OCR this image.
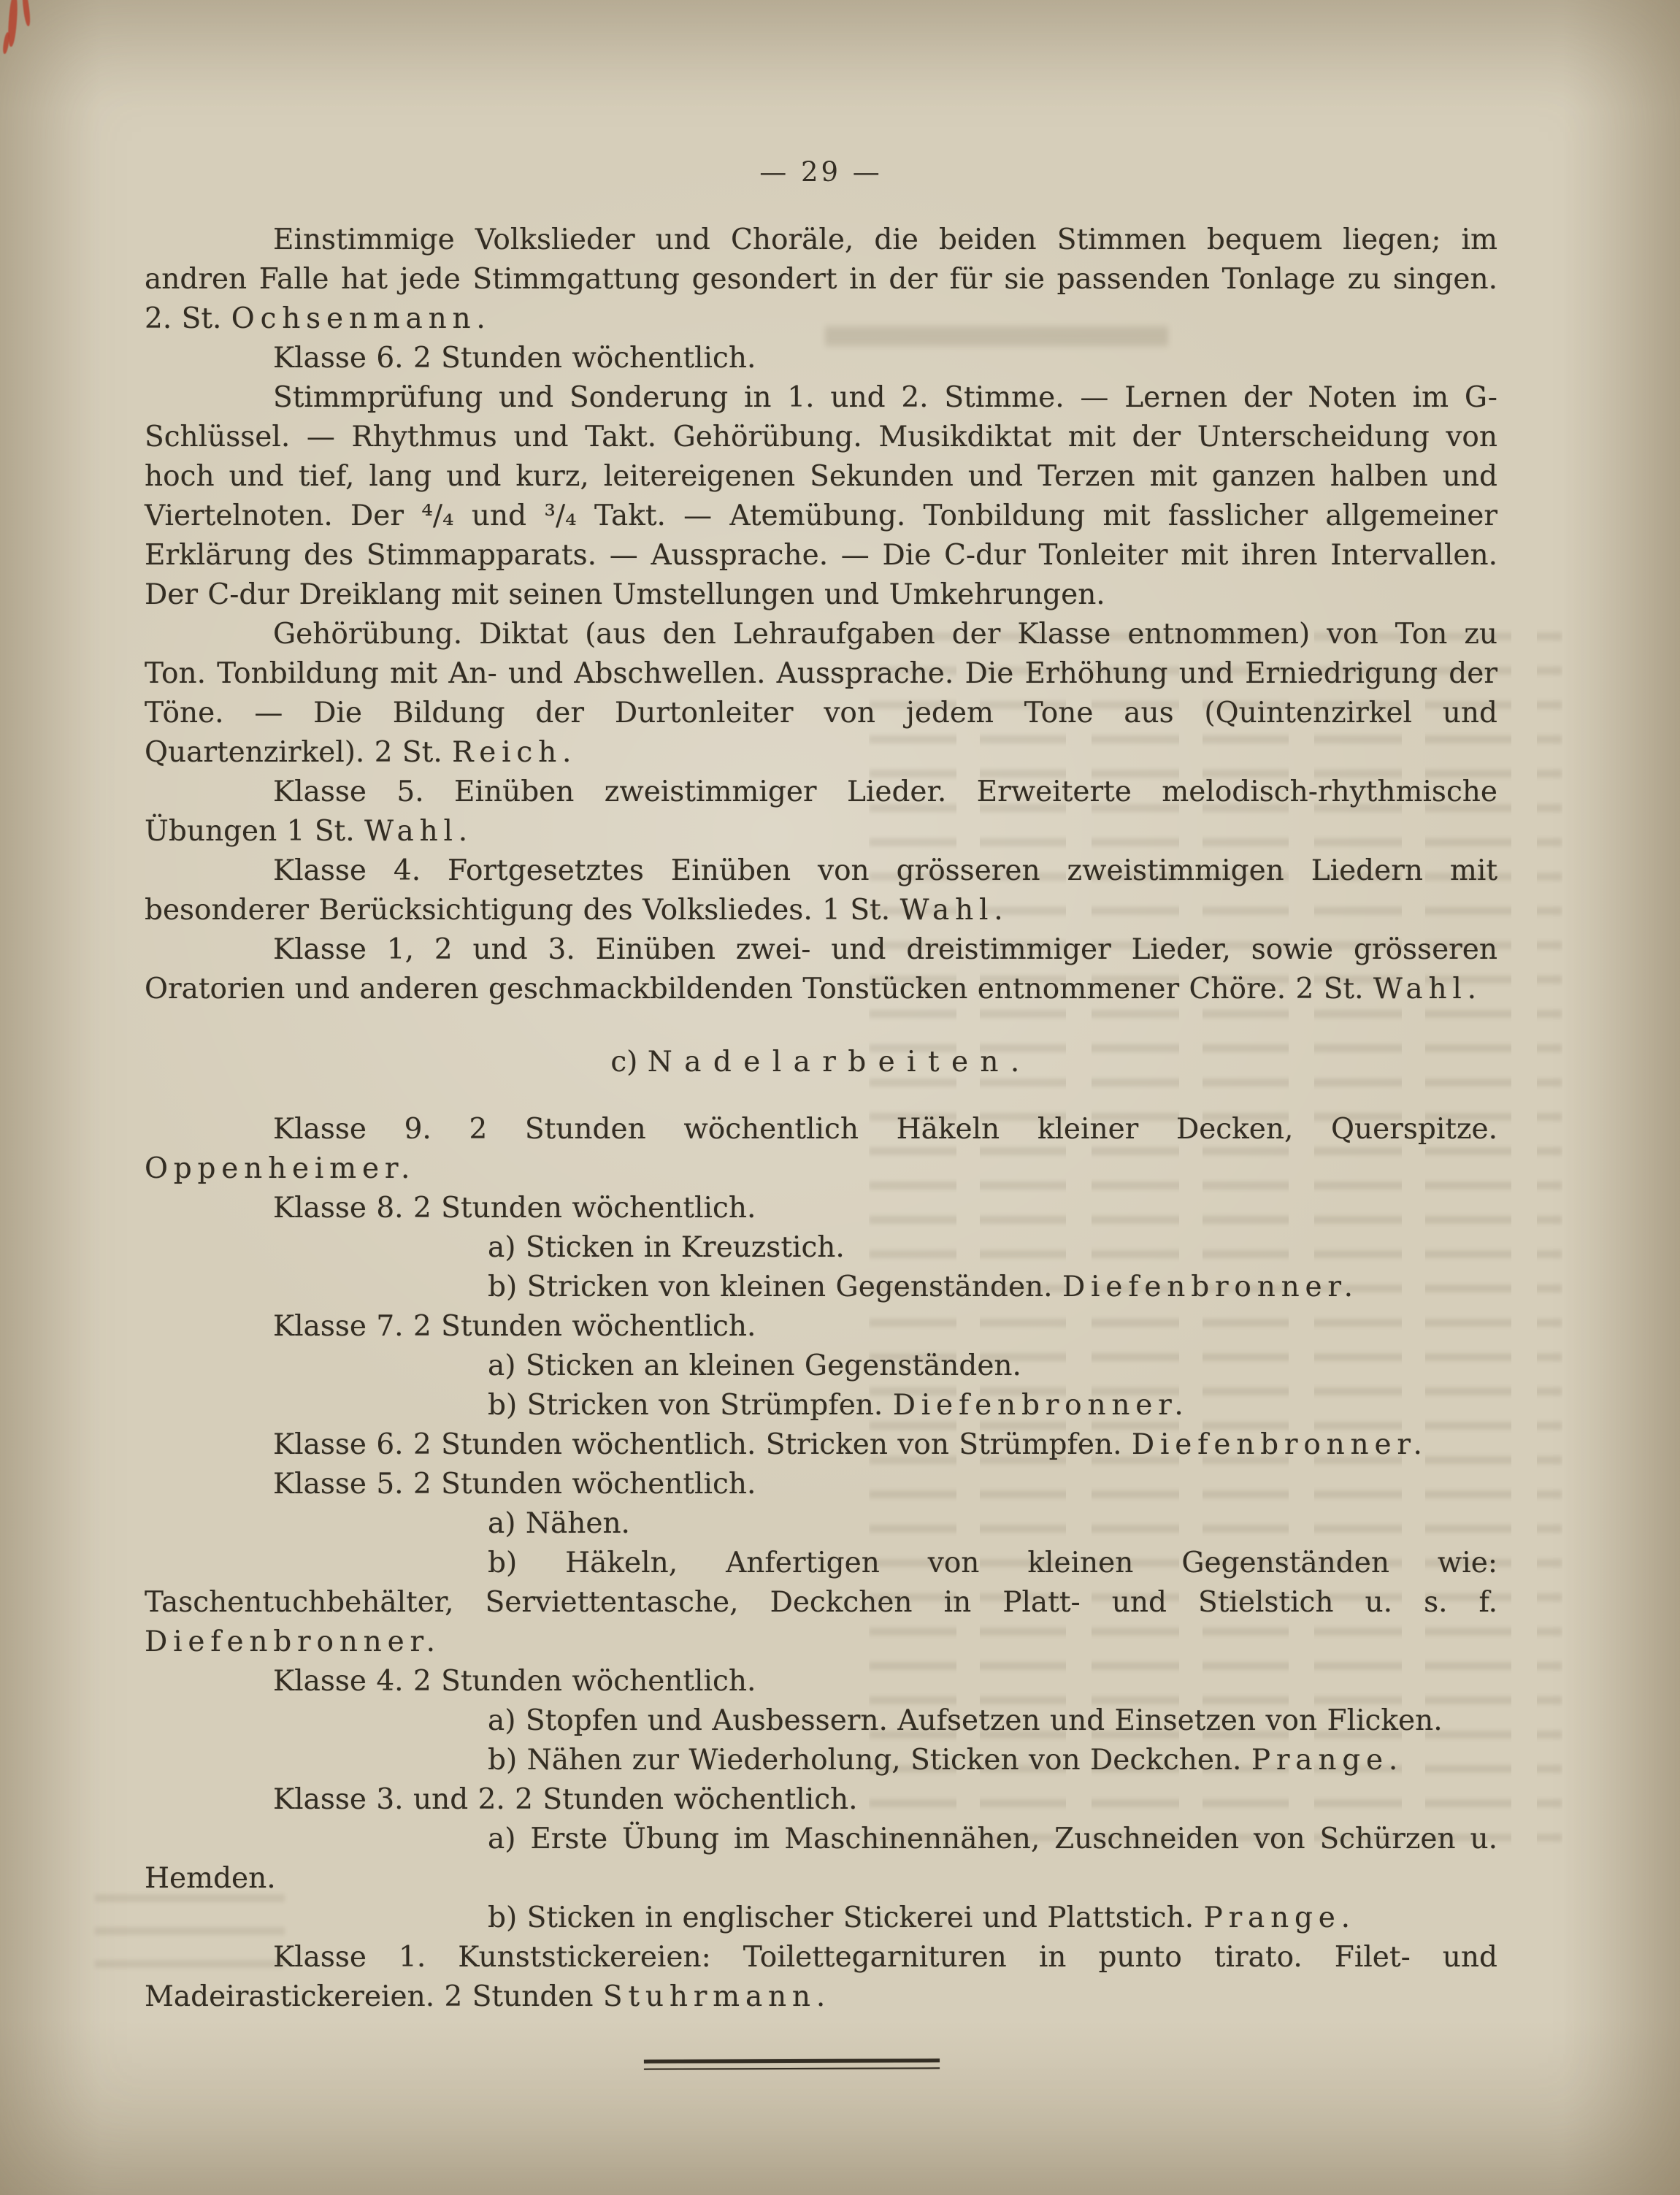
— 29 —

Einstimmige Volkslieder und Choräle, die beiden Stimmen bequem liegen; im andren Falle hat jede Stimmgattung gesondert in der für sie passenden Tonlage zu singen. 2. St. Ochsenmann.

Klasse 6. 2 Stunden wöchentlich.

Stimmprüfung und Sonderung in 1. und 2. Stimme. — Lernen der Noten im G-Schlüssel. — Rhythmus und Takt. Gehörübung. Musikdiktat mit der Unterscheidung von hoch und tief, lang und kurz, leitereigenen Sekunden und Terzen mit ganzen halben und Viertelnoten. Der ⁴/₄ und ³/₄ Takt. — Atemübung. Tonbildung mit fasslicher allgemeiner Erklärung des Stimmapparats. — Aussprache. — Die C-dur Tonleiter mit ihren Intervallen. Der C-dur Dreiklang mit seinen Umstellungen und Umkehrungen.

Gehörübung. Diktat (aus den Lehraufgaben der Klasse entnommen) von Ton zu Ton. Tonbildung mit An- und Abschwellen. Aussprache. Die Erhöhung und Erniedrigung der Töne. — Die Bildung der Durtonleiter von jedem Tone aus (Quintenzirkel und Quartenzirkel). 2 St. Reich.

Klasse 5. Einüben zweistimmiger Lieder. Erweiterte melodisch-rhythmische Übungen 1 St. Wahl.

Klasse 4. Fortgesetztes Einüben von grösseren zweistimmigen Liedern mit besonderer Berücksichtigung des Volksliedes. 1 St. Wahl.

Klasse 1, 2 und 3. Einüben zwei- und dreistimmiger Lieder, sowie grösseren Oratorien und anderen geschmackbildenden Tonstücken entnommener Chöre. 2 St. Wahl.

c) Nadelarbeiten.

Klasse 9. 2 Stunden wöchentlich Häkeln kleiner Decken, Querspitze. Oppenheimer.

Klasse 8. 2 Stunden wöchentlich.

a) Sticken in Kreuzstich.

b) Stricken von kleinen Gegenständen. Diefenbronner.

Klasse 7. 2 Stunden wöchentlich.

a) Sticken an kleinen Gegenständen.

b) Stricken von Strümpfen. Diefenbronner.

Klasse 6. 2 Stunden wöchentlich. Stricken von Strümpfen. Diefenbronner.

Klasse 5. 2 Stunden wöchentlich.

a) Nähen.

b) Häkeln, Anfertigen von kleinen Gegenständen wie: Taschentuchbehälter, Serviettentasche, Deckchen in Platt- und Stielstich u. s. f. Diefenbronner.

Klasse 4. 2 Stunden wöchentlich.

a) Stopfen und Ausbessern. Aufsetzen und Einsetzen von Flicken.

b) Nähen zur Wiederholung, Sticken von Deckchen. Prange.

Klasse 3. und 2. 2 Stunden wöchentlich.

a) Erste Übung im Maschinennähen, Zuschneiden von Schürzen u. Hemden.

b) Sticken in englischer Stickerei und Plattstich. Prange.

Klasse 1. Kunststickereien: Toilettegarnituren in punto tirato. Filet- und Madeirastickereien. 2 Stunden Stuhrmann.
